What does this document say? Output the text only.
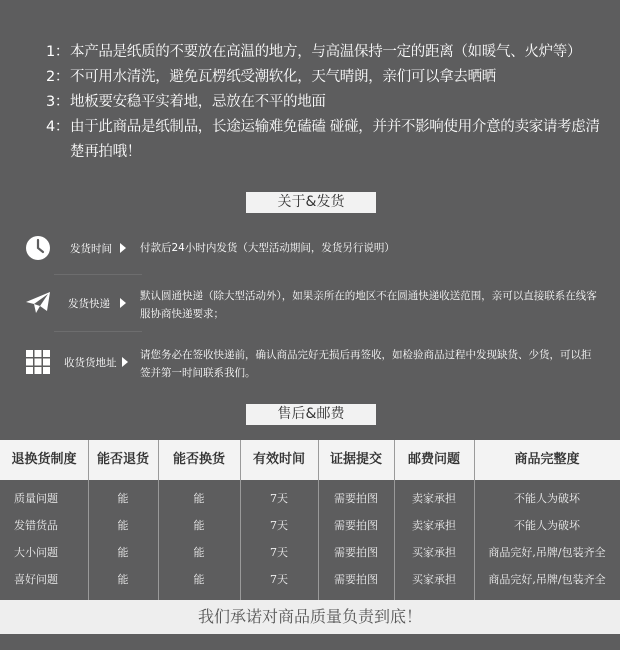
1： 本产品是纸质的不要放在高温的地方，与高温保持一定的距离（如暖气、火炉等）
2： 不可用水清洗，避免瓦楞纸受潮软化，天气晴朗，亲们可以拿去晒晒
3： 地板要安稳平实着地，忌放在不平的地面
4： 由于此商品是纸制品，长途运输难免磕磕 碰碰，并并不影响使用介意的卖家请考虑清楚再拍哦！
关于&发货
发货时间	付款后24小时内发货（大型活动期间，发货另行说明）
发货快递
默认圆通快递（除大型活动外），如果亲所在的地区不在圆通快递收送范围，亲可以直接联系在线客服协商快递要求；
收货货地址
请您务必在签收快递前，确认商品完好无损后再签收，如检验商品过程中发现缺货、少货，可以拒签并第一时间联系我们。
售后&邮费
退换货制度	能否退货	能否换货	有效时间	证据提交	邮费问题	商品完整度
质量问题	能	能	7天	需要拍图	卖家承担	不能人为破坏
发错货品	能	能	7天	需要拍图	卖家承担	不能人为破坏
大小问题	能	能	7天	需要拍图	买家承担	商品完好,吊牌/包装齐全
喜好问题	能	能	7天	需要拍图	买家承担	商品完好,吊牌/包装齐全
我们承诺对商品质量负责到底！
